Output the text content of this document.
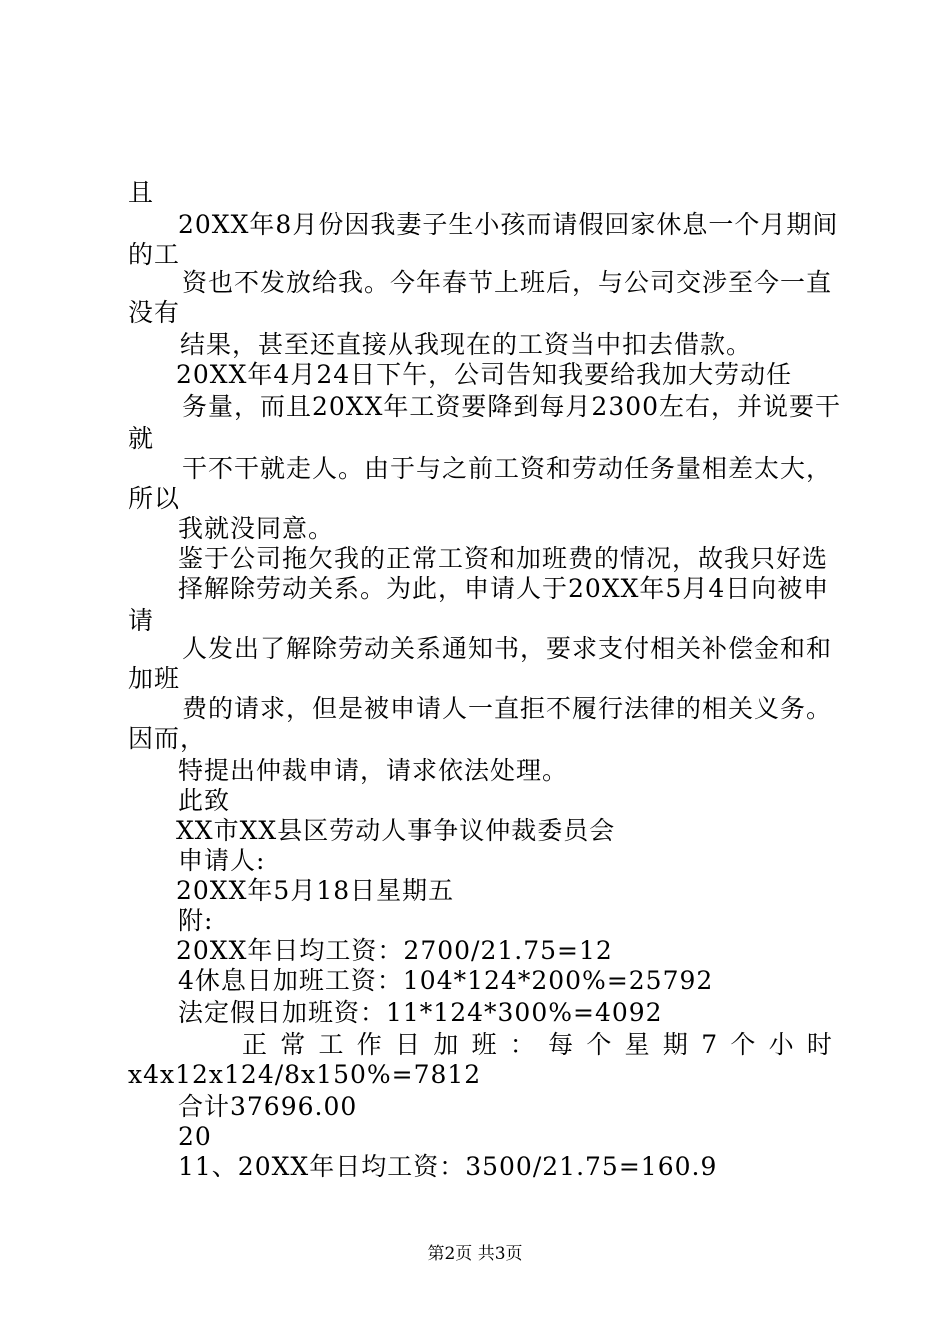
且
20XX年8月份因我妻子生小孩而请假回家休息一个月期间
的工
资也不发放给我。今年春节上班后，与公司交涉至今一直
没有
结果，甚至还直接从我现在的工资当中扣去借款。
20XX年4月24日下午，公司告知我要给我加大劳动任
务量，而且20XX年工资要降到每月2300左右，并说要干
就
干不干就走人。由于与之前工资和劳动任务量相差太大，
所以
我就没同意。
鉴于公司拖欠我的正常工资和加班费的情况，故我只好选
择解除劳动关系。为此，申请人于20XX年5月4日向被申
请
人发出了解除劳动关系通知书，要求支付相关补偿金和和
加班
费的请求，但是被申请人一直拒不履行法律的相关义务。
因而，
特提出仲裁申请，请求依法处理。
此致
XX市XX县区劳动人事争议仲裁委员会
申请人:
20XX年5月18日星期五
附:
20XX年日均工资：2700/21.75=12
4休息日加班工资：104*124*200%=25792
法定假日加班资：11*124*300%=4092
正 常 工 作 日 加 班 ： 每 个 星 期 7 个 小 时
x4x12x124/8x150%=7812
合计37696.00
20
11、20XX年日均工资：3500/21.75=160.9
第2页 共3页
